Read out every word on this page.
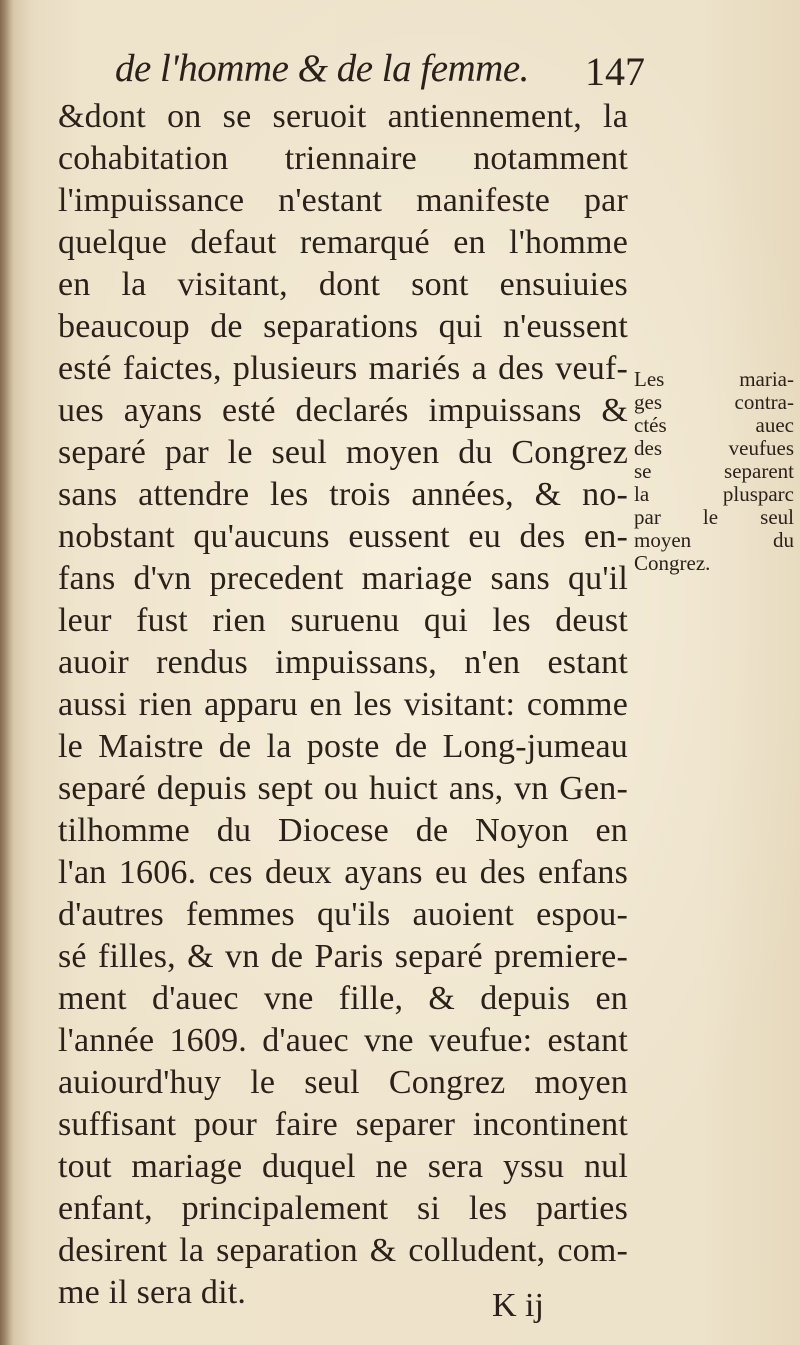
de l'homme & de la femme. 147
&dont on se seruoit antiennement, la
cohabitation triennaire notamment
l'impuissance n'estant manifeste par
quelque defaut remarqué en l'homme
en la visitant, dont sont ensuiuies
beaucoup de separations qui n'eussent
esté faictes, plusieurs mariés a des veuf-
ues ayans esté declarés impuissans &
separé par le seul moyen du Congrez
sans attendre les trois années, & no-
nobstant qu'aucuns eussent eu des en-
fans d'vn precedent mariage sans qu'il
leur fust rien suruenu qui les deust
auoir rendus impuissans, n'en estant
aussi rien apparu en les visitant: comme
le Maistre de la poste de Long-jumeau
separé depuis sept ou huict ans, vn Gen-
tilhomme du Diocese de Noyon en
l'an 1606. ces deux ayans eu des enfans
d'autres femmes qu'ils auoient espou-
sé filles, & vn de Paris separé premiere-
ment d'auec vne fille, & depuis en
l'année 1609. d'auec vne veufue: estant
auiourd'huy le seul Congrez moyen
suffisant pour faire separer incontinent
tout mariage duquel ne sera yssu nul
enfant, principalement si les parties
desirent la separation & colludent, com-
me il sera dit.	K ij
Les maria-
ges contra-
ctés auec
des veufues
se separent
la plusparc
par le seul
moyen du
Congrez.
